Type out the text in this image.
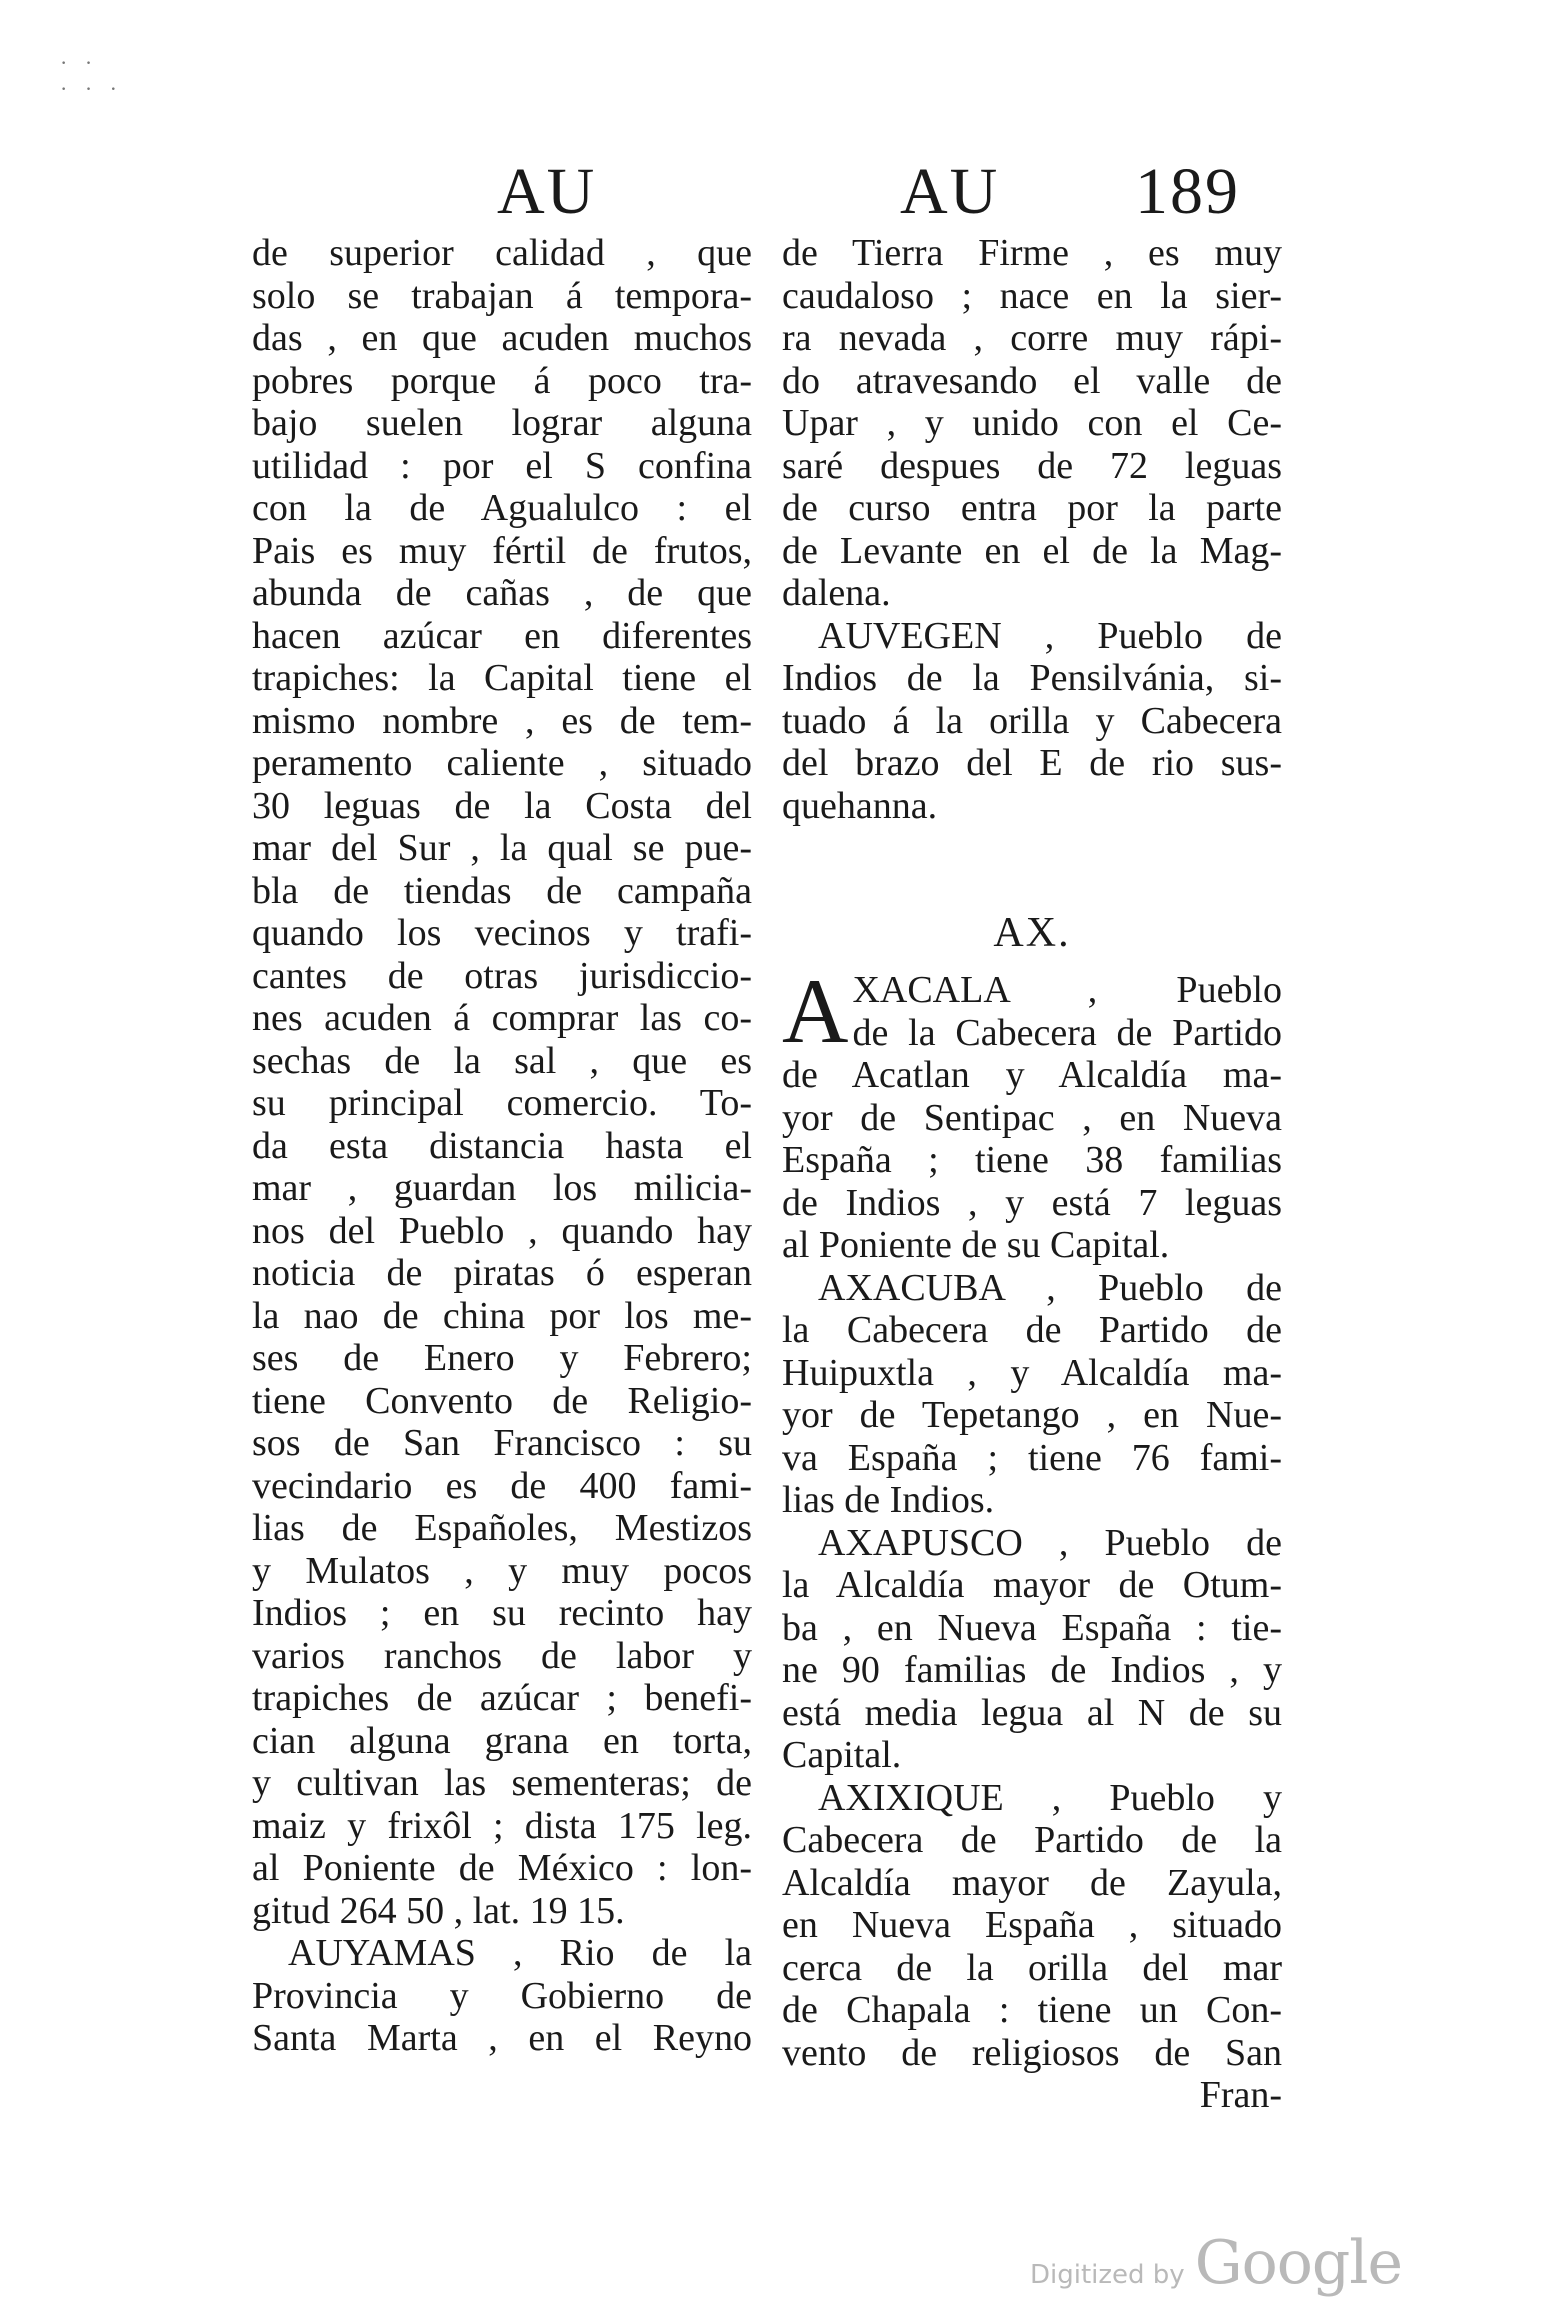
· ·
· · ·
AU	AU 189
de superior calidad , que
solo se trabajan á tempora-
das , en que acuden muchos
pobres porque á poco tra-
bajo suelen lograr alguna
utilidad : por el S confina
con la de Agualulco : el
Pais es muy fértil de frutos,
abunda de cañas , de que
hacen azúcar en diferentes
trapiches: la Capital tiene el
mismo nombre , es de tem-
peramento caliente , situado
30 leguas de la Costa del
mar del Sur , la qual se pue-
bla de tiendas de campaña
quando los vecinos y trafi-
cantes de otras jurisdiccio-
nes acuden á comprar las co-
sechas de la sal , que es
su principal comercio. To-
da esta distancia hasta el
mar , guardan los milicia-
nos del Pueblo , quando hay
noticia de piratas ó esperan
la nao de china por los me-
ses de Enero y Febrero;
tiene Convento de Religio-
sos de San Francisco : su
vecindario es de 400 fami-
lias de Españoles, Mestizos
y Mulatos , y muy pocos
Indios ; en su recinto hay
varios ranchos de labor y
trapiches de azúcar ; benefi-
cian alguna grana en torta,
y cultivan las sementeras; de
maiz y frixôl ; dista 175 leg.
al Poniente de México : lon-
gitud 264 50 , lat. 19 15.
AUYAMAS , Rio de la
Provincia y Gobierno de
Santa Marta , en el Reyno
de Tierra Firme , es muy
caudaloso ; nace en la sier-
ra nevada , corre muy rápi-
do atravesando el valle de
Upar , y unido con el Ce-
saré despues de 72 leguas
de curso entra por la parte
de Levante en el de la Mag-
dalena.
AUVEGEN , Pueblo de
Indios de la Pensilvánia, si-
tuado á la orilla y Cabecera
del brazo del E de rio sus-
quehanna.
AX.
A XACALA , Pueblo
de la Cabecera de Partido
de Acatlan y Alcaldía ma-
yor de Sentipac , en Nueva
España ; tiene 38 familias
de Indios , y está 7 leguas
al Poniente de su Capital.
AXACUBA , Pueblo de
la Cabecera de Partido de
Huipuxtla , y Alcaldía ma-
yor de Tepetango , en Nue-
va España ; tiene 76 fami-
lias de Indios.
AXAPUSCO , Pueblo de
la Alcaldía mayor de Otum-
ba , en Nueva España : tie-
ne 90 familias de Indios , y
está media legua al N de su
Capital.
AXIXIQUE , Pueblo y
Cabecera de Partido de la
Alcaldía mayor de Zayula,
en Nueva España , situado
cerca de la orilla del mar
de Chapala : tiene un Con-
vento de religiosos de San
Fran-
Digitized by Google
